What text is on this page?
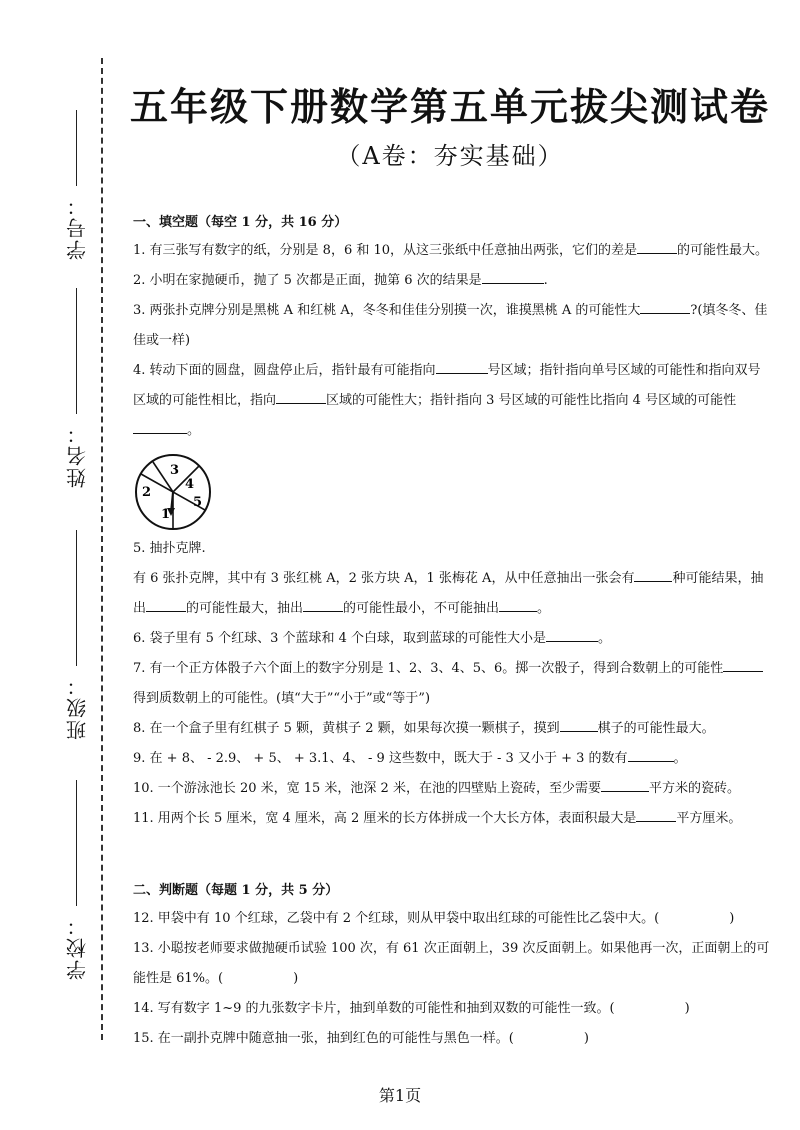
学号：
姓名：
班级：
学校：
五年级下册数学第五单元拔尖测试卷
（A卷：夯实基础）

一、填空题（每空 1 分，共 16 分）

1. 有三张写有数字的纸，分别是 8，6 和 10，从这三张纸中任意抽出两张，它们的差是	的可能性最大。

2. 小明在家抛硬币，抛了 5 次都是正面，抛第 6 次的结果是	.

3. 两张扑克牌分别是黑桃 A 和红桃 A，冬冬和佳佳分别摸一次，谁摸黑桃 A 的可能性大	?(填冬冬、佳佳或一样)

4. 转动下面的圆盘，圆盘停止后，指针最有可能指向	号区域；指针指向单号区域的可能性和指向双号区域的可能性相比，指向	区域的可能性大；指针指向 3 号区域的可能性比指向 4 号区域的可能性。

3
4
2
5
1

5. 抽扑克牌.

有 6 张扑克牌，其中有 3 张红桃 A，2 张方块 A，1 张梅花 A，从中任意抽出一张会有	种可能结果，抽出	的可能性最大，抽出	的可能性最小，不可能抽出	。

6. 袋子里有 5 个红球、3 个蓝球和 4 个白球，取到蓝球的可能性大小是	。

7. 有一个正方体骰子六个面上的数字分别是 1、2、3、4、5、6。掷一次骰子，得到合数朝上的可能性得到质数朝上的可能性。(填“大于”“小于”或“等于”)

8. 在一个盒子里有红棋子 5 颗，黄棋子 2 颗，如果每次摸一颗棋子，摸到	棋子的可能性最大。

9. 在 + 8、 - 2.9、 + 5、 + 3.1、4、 - 9 这些数中，既大于 - 3 又小于 + 3 的数有	。

10. 一个游泳池长 20 米，宽 15 米，池深 2 米，在池的四壁贴上瓷砖，至少需要	平方米的瓷砖。

11. 用两个长 5 厘米，宽 4 厘米，高 2 厘米的长方体拼成一个大长方体，表面积最大是	平方厘米。

二、判断题（每题 1 分，共 5 分）

12. 甲袋中有 10 个红球，乙袋中有 2 个红球，则从甲袋中取出红球的可能性比乙袋中大。(	)

13. 小聪按老师要求做抛硬币试验 100 次，有 61 次正面朝上，39 次反面朝上。如果他再一次，正面朝上的可能性是 61%。(	)

14. 写有数字 1~9 的九张数字卡片，抽到单数的可能性和抽到双数的可能性一致。(	)

15. 在一副扑克牌中随意抽一张，抽到红色的可能性与黑色一样。(	)

第1页
